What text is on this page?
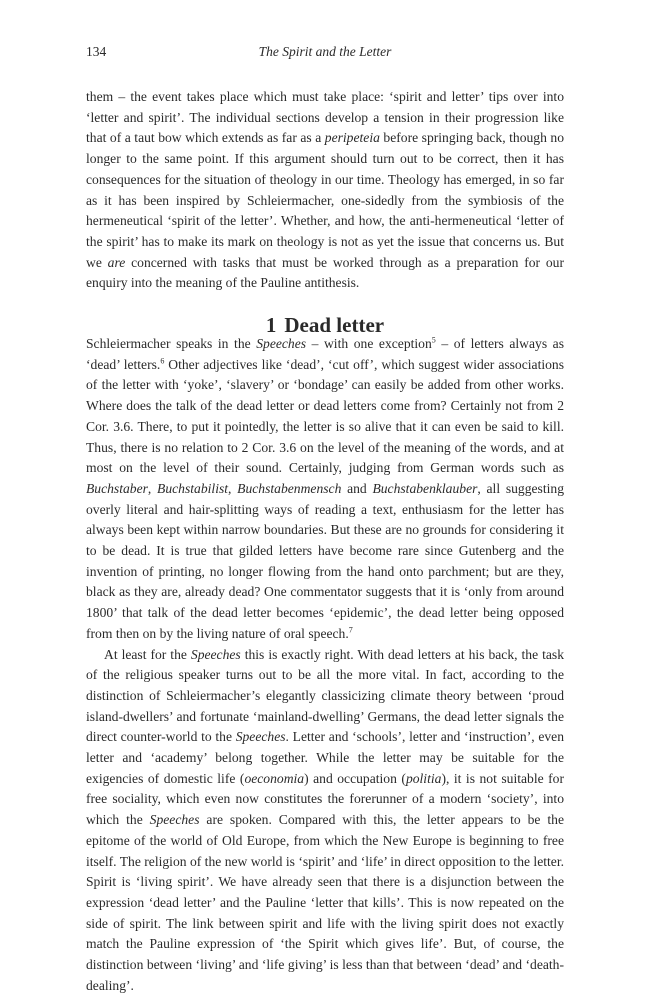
134	The Spirit and the Letter

them – the event takes place which must take place: ‘spirit and letter’ tips over into ‘letter and spirit’. The individual sections develop a tension in their progression like that of a taut bow which extends as far as a peripeteia before springing back, though no longer to the same point. If this argument should turn out to be correct, then it has consequences for the situation of theology in our time. Theology has emerged, in so far as it has been inspired by Schleiermacher, one-sidedly from the symbiosis of the hermeneutical ‘spirit of the letter’. Whether, and how, the anti-hermeneutical ‘letter of the spirit’ has to make its mark on theology is not as yet the issue that concerns us. But we are concerned with tasks that must be worked through as a preparation for our enquiry into the meaning of the Pauline antithesis.

1 Dead letter

Schleiermacher speaks in the Speeches – with one exception$^5$ – of letters always as ‘dead’ letters.$^6$ Other adjectives like ‘dead’, ‘cut off’, which suggest wider associations of the letter with ‘yoke’, ‘slavery’ or ‘bondage’ can easily be added from other works. Where does the talk of the dead letter or dead letters come from? Certainly not from 2 Cor. 3.6. There, to put it pointedly, the letter is so alive that it can even be said to kill. Thus, there is no relation to 2 Cor. 3.6 on the level of the meaning of the words, and at most on the level of their sound. Certainly, judging from German words such as Buchstaber, Buchstabilist, Buchstabenmensch and Buchstabenklauber, all suggesting overly literal and hair-splitting ways of reading a text, enthusiasm for the letter has always been kept within narrow boundaries. But these are no grounds for considering it to be dead. It is true that gilded letters have become rare since Gutenberg and the invention of printing, no longer flowing from the hand onto parchment; but are they, black as they are, already dead? One commentator suggests that it is ‘only from around 1800’ that talk of the dead letter becomes ‘epidemic’, the dead letter being opposed from then on by the living nature of oral speech.$^7$

At least for the Speeches this is exactly right. With dead letters at his back, the task of the religious speaker turns out to be all the more vital. In fact, according to the distinction of Schleiermacher’s elegantly classicizing climate theory between ‘proud island-dwellers’ and fortunate ‘mainland-dwelling’ Germans, the dead letter signals the direct counter-world to the Speeches. Letter and ‘schools’, letter and ‘instruction’, even letter and ‘academy’ belong together. While the letter may be suitable for the exigencies of domestic life (oeconomia) and occupation (politia), it is not suitable for free sociality, which even now constitutes the forerunner of a modern ‘society’, into which the Speeches are spoken. Compared with this, the letter appears to be the epitome of the world of Old Europe, from which the New Europe is beginning to free itself. The religion of the new world is ‘spirit’ and ‘life’ in direct opposition to the letter. Spirit is ‘living spirit’. We have already seen that there is a disjunction between the expression ‘dead letter’ and the Pauline ‘letter that kills’. This is now repeated on the side of spirit. The link between spirit and life with the living spirit does not exactly match the Pauline expression of ‘the Spirit which gives life’. But, of course, the distinction between ‘living’ and ‘life giving’ is less than that between ‘dead’ and ‘death-dealing’.
